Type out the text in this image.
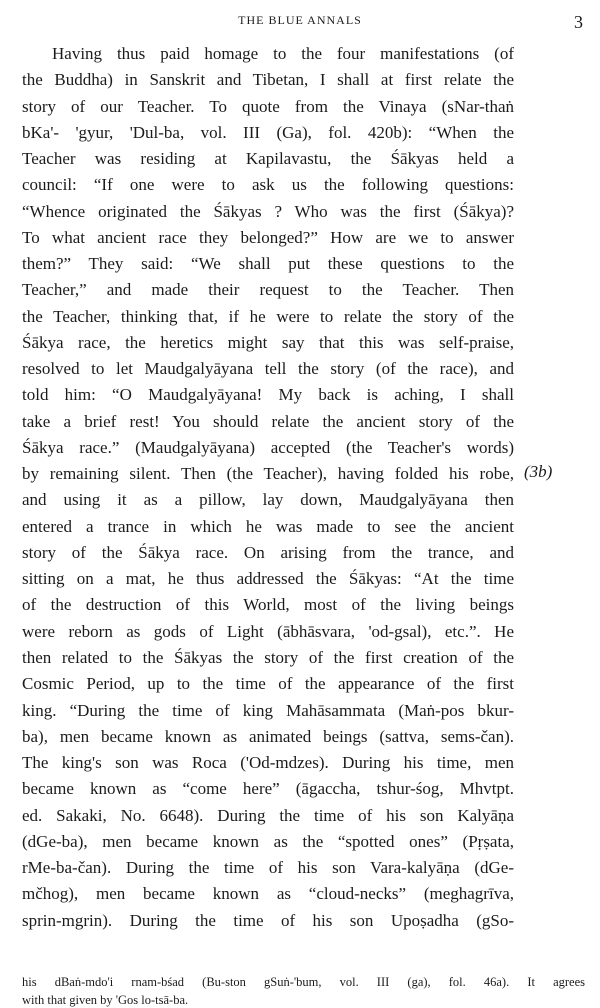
THE BLUE ANNALS	3
Having thus paid homage to the four manifestations (of
the Buddha) in Sanskrit and Tibetan, I shall at first relate the
story of our Teacher. To quote from the Vinaya (sNar-thaṅ
bKa'- 'gyur, 'Dul-ba, vol. III (Ga), fol. 420b): “When the
Teacher was residing at Kapilavastu, the Śākyas held a
council: “If one were to ask us the following questions:
“Whence originated the Śākyas ? Who was the first (Śākya)?
To what ancient race they belonged?” How are we to answer
them?” They said: “We shall put these questions to the
Teacher,” and made their request to the Teacher. Then
the Teacher, thinking that, if he were to relate the story of the
Śākya race, the heretics might say that this was self-praise,
resolved to let Maudgalyāyana tell the story (of the race), and
told him: “O Maudgalyāyana! My back is aching, I shall
take a brief rest! You should relate the ancient story of the
Śākya race.” (Maudgalyāyana) accepted (the Teacher's words)
by remaining silent. Then (the Teacher), having folded his robe,
and using it as a pillow, lay down, Maudgalyāyana then
entered a trance in which he was made to see the ancient
story of the Śākya race. On arising from the trance, and
sitting on a mat, he thus addressed the Śākyas: “At the time
of the destruction of this World, most of the living beings
were reborn as gods of Light (ābhāsvara, 'od-gsal), etc.”. He
then related to the Śākyas the story of the first creation of the
Cosmic Period, up to the time of the appearance of the first
king. “During the time of king Mahāsammata (Maṅ-pos bkur-
ba), men became known as animated beings (sattva, sems-čan).
The king's son was Roca ('Od-mdzes). During his time, men
became known as “come here” (āgaccha, tshur-śog, Mhvtpt.
ed. Sakaki, No. 6648). During the time of his son Kalyāṇa
(dGe-ba), men became known as the “spotted ones” (Pṛṣata,
rMe-ba-čan). During the time of his son Vara-kalyāṇa (dGe-
mčhog), men became known as “cloud-necks” (meghagrīva,
sprin-mgrin). During the time of his son Upoṣadha (gSo-
(3b)
his dBaṅ-mdo'i rnam-bśad (Bu-ston gSuṅ-'bum, vol. III (ga), fol. 46a). It agrees
with that given by 'Gos lo-tsā-ba.
